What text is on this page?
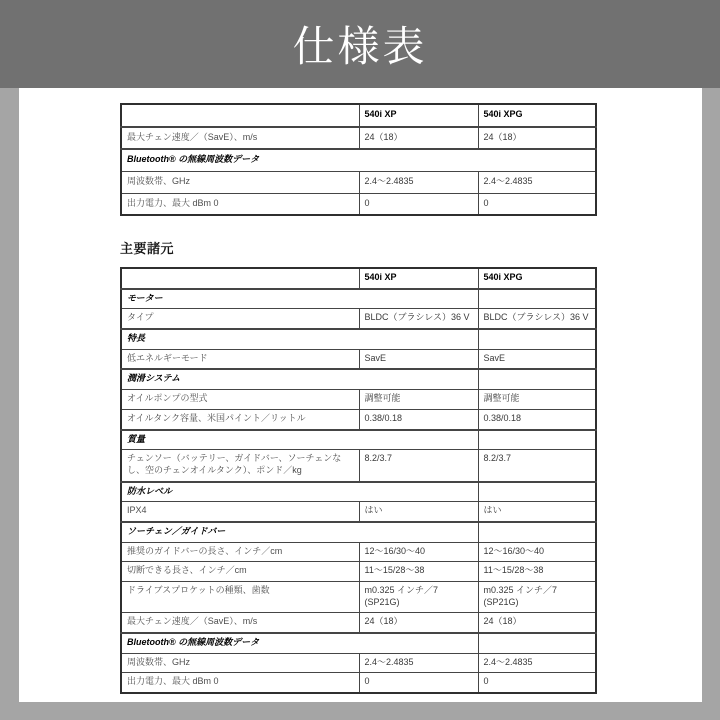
仕様表
	540i XP	540i XPG
最大チェン速度／（SavE）、m/s	24（18）	24（18）
Bluetooth® の無線周波数データ		
周波数帯、GHz	2.4～2.4835	2.4～2.4835
出力電力、最大 dBm 0	0	0
主要諸元
	540i XP	540i XPG
モーター		
タイプ	BLDC（ブラシレス）36 V	BLDC（ブラシレス）36 V
特長		
低エネルギーモード	SavE	SavE
潤滑システム		
オイルポンプの型式	調整可能	調整可能
オイルタンク容量、米国パイント／リットル	0.38/0.18	0.38/0.18
質量		
チェンソー（バッテリー、ガイドバー、ソーチェンなし、空のチェンオイルタンク）、ポンド／kg	8.2/3.7	8.2/3.7
防水レベル		
IPX4	はい	はい
ソーチェン／ガイドバー		
推奨のガイドバーの長さ、インチ／cm	12～16/30～40	12～16/30～40
切断できる長さ、インチ／cm	11～15/28～38	11～15/28～38
ドライブスプロケットの種類、歯数	m0.325 インチ／7 (SP21G)	m0.325 インチ／7 (SP21G)
最大チェン速度／（SavE）、m/s	24（18）	24（18）
Bluetooth® の無線周波数データ		
周波数帯、GHz	2.4～2.4835	2.4～2.4835
出力電力、最大 dBm 0	0	0
